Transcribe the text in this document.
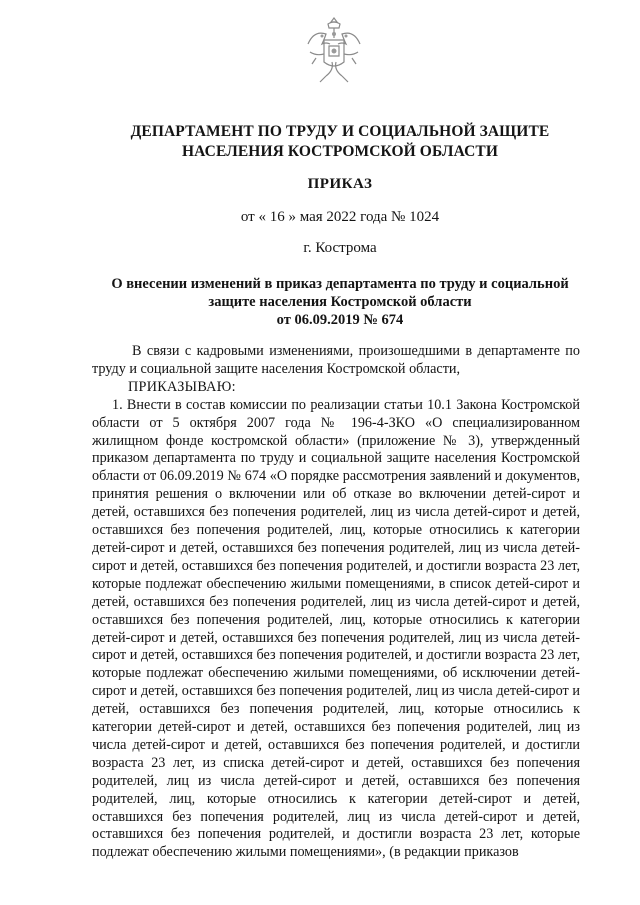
ДЕПАРТАМЕНТ ПО ТРУДУ И СОЦИАЛЬНОЙ ЗАЩИТЕ
НАСЕЛЕНИЯ КОСТРОМСКОЙ ОБЛАСТИ
ПРИКАЗ
от « 16 » мая 2022 года № 1024
г. Кострома
О внесении изменений в приказ департамента по труду и социальной
защите населения Костромской области
от 06.09.2019 № 674

В связи с кадровыми изменениями, произошедшими в департаменте по труду и социальной защите населения Костромской области,

ПРИКАЗЫВАЮ:

1. Внести в состав комиссии по реализации статьи 10.1 Закона Костромской области от 5 октября 2007 года № 196-4-ЗКО «О специализированном жилищном фонде костромской области» (приложение № 3), утвержденный приказом департамента по труду и социальной защите населения Костромской области от 06.09.2019 № 674 «О порядке рассмотрения заявлений и документов, принятия решения о включении или об отказе во включении детей-сирот и детей, оставшихся без попечения родителей, лиц из числа детей-сирот и детей, оставшихся без попечения родителей, лиц, которые относились к категории детей-сирот и детей, оставшихся без попечения родителей, лиц из числа детей-сирот и детей, оставшихся без попечения родителей, и достигли возраста 23 лет, которые подлежат обеспечению жилыми помещениями, в список детей-сирот и детей, оставшихся без попечения родителей, лиц из числа детей-сирот и детей, оставшихся без попечения родителей, лиц, которые относились к категории детей-сирот и детей, оставшихся без попечения родителей, лиц из числа детей-сирот и детей, оставшихся без попечения родителей, и достигли возраста 23 лет, которые подлежат обеспечению жилыми помещениями, об исключении детей-сирот и детей, оставшихся без попечения родителей, лиц из числа детей-сирот и детей, оставшихся без попечения родителей, лиц, которые относились к категории детей-сирот и детей, оставшихся без попечения родителей, лиц из числа детей-сирот и детей, оставшихся без попечения родителей, и достигли возраста 23 лет, из списка детей-сирот и детей, оставшихся без попечения родителей, лиц из числа детей-сирот и детей, оставшихся без попечения родителей, лиц, которые относились к категории детей-сирот и детей, оставшихся без попечения родителей, лиц из числа детей-сирот и детей, оставшихся без попечения родителей, и достигли возраста 23 лет, которые подлежат обеспечению жилыми помещениями», (в редакции приказов
